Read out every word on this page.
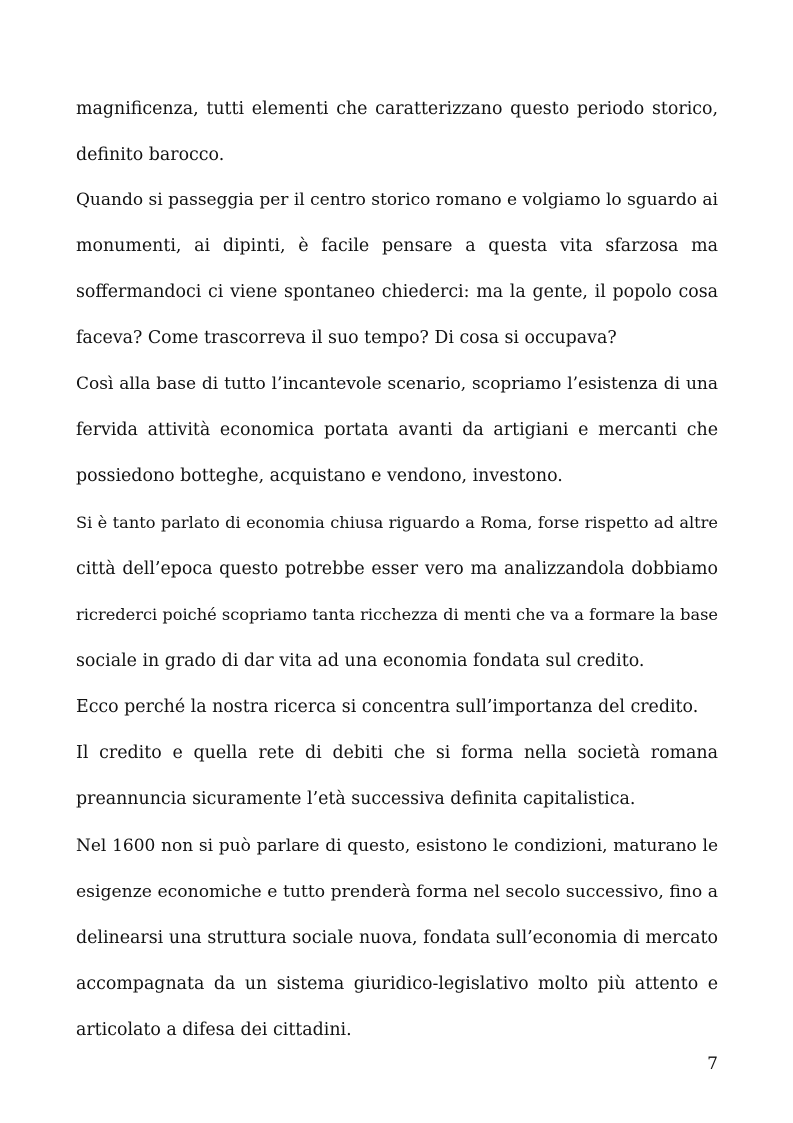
magnificenza, tutti elementi che caratterizzano questo periodo storico,
definito barocco.
Quando si passeggia per il centro storico romano e volgiamo lo sguardo ai
monumenti, ai dipinti, è facile pensare a questa vita sfarzosa ma
soffermandoci ci viene spontaneo chiederci: ma la gente, il popolo cosa
faceva? Come trascorreva il suo tempo? Di cosa si occupava?
Così alla base di tutto l’incantevole scenario, scopriamo l’esistenza di una
fervida attività economica portata avanti da artigiani e mercanti che
possiedono botteghe, acquistano e vendono, investono.
Si è tanto parlato di economia chiusa riguardo a Roma, forse rispetto ad altre
città dell’epoca questo potrebbe esser vero ma analizzandola dobbiamo
ricrederci poiché scopriamo tanta ricchezza di menti che va a formare la base
sociale in grado di dar vita ad una economia fondata sul credito.
Ecco perché la nostra ricerca si concentra sull’importanza del credito.
Il credito e quella rete di debiti che si forma nella società romana
preannuncia sicuramente l’età successiva definita capitalistica.
Nel 1600 non si può parlare di questo, esistono le condizioni, maturano le
esigenze economiche e tutto prenderà forma nel secolo successivo, fino a
delinearsi una struttura sociale nuova, fondata sull’economia di mercato
accompagnata da un sistema giuridico-legislativo molto più attento e
articolato a difesa dei cittadini.
7
